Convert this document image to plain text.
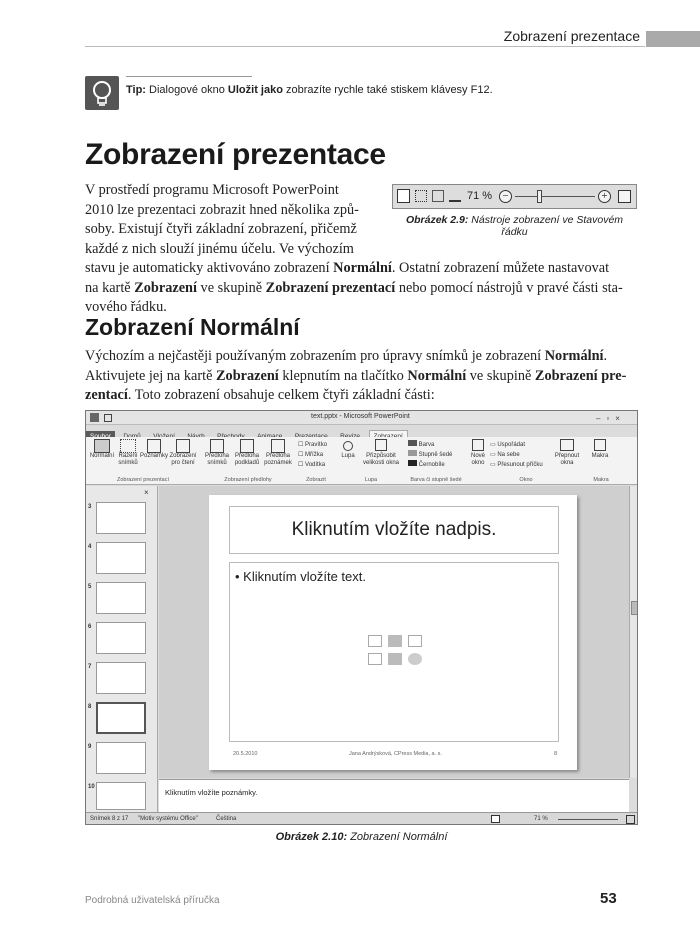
Zobrazení prezentace
Tip: Dialogové okno Uložit jako zobrazíte rychle také stiskem klávesy F12.
Zobrazení prezentace
V prostředí programu Microsoft PowerPoint
2010 lze prezentaci zobrazit hned několika způ-
soby. Existují čtyři základní zobrazení, přičemž
každé z nich slouží jinému účelu. Ve výchozím
stavu je automaticky aktivováno zobrazení Normální. Ostatní zobrazení můžete nastavovat
na kartě Zobrazení ve skupině Zobrazení prezentací nebo pomocí nástrojů v pravé části sta-
vového řádku.
71 % −	+
Obrázek 2.9: Nástroje zobrazení ve Stavovém
řádku
Zobrazení Normální
Výchozím a nejčastěji používaným zobrazením pro úpravy snímků je zobrazení Normální.
Aktivujete jej na kartě Zobrazení klepnutím na tlačítko Normální ve skupině Zobrazení pre-
zentací. Toto zobrazení obsahuje celkem čtyři základní části:
text.pptx - Microsoft PowerPoint	–▫×

Normální Řazení snímků
Poznámky Zobrazení pro čtení
Předloha snímků
Předloha podkladů
Předloha poznámek
☐ Pravítko
☐ Mřížka
☐ Vodítka
Lupa	Přizpůsobit velikosti okna
Barva
Stupně šedé
Černobíle
Nové okno
▭ Uspořádat
▭ Na sebe
▭ Přesunout příčku
Přepnout okna
Makra
Zobrazení prezentací	Zobrazení předlohy	Zobrazit	Lupa	Barva či stupně šedé	Okno	Makra
×
3
4
5
6
7
8
9
10
Kliknutím vložíte nadpis.
• Kliknutím vložíte text.
20.5.2010	Jana Andrýsková, CPress Media, a. s.	8
Kliknutím vložíte poznámky.
Snímek 8 z 17 "Motiv systému Office"	Čeština	71 %
Obrázek 2.10: Zobrazení Normální
Podrobná uživatelská příručka	53
